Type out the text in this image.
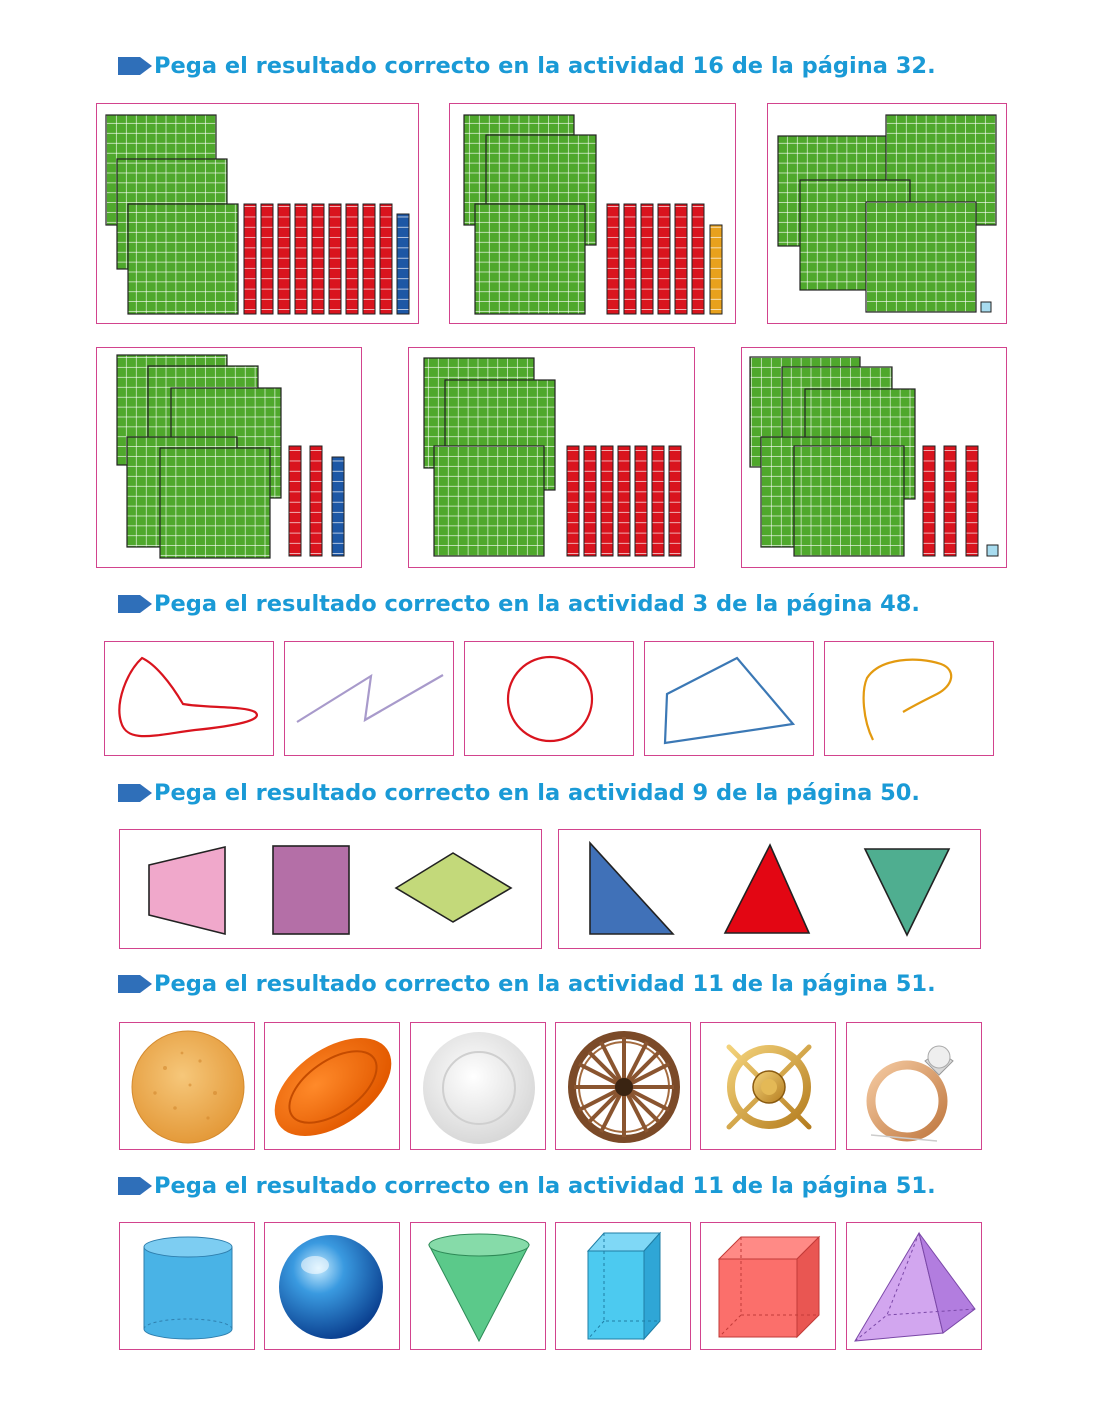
Pega el resultado correcto en la actividad 16 de la página 32.
Pega el resultado correcto en la actividad 3 de la página 48.
Pega el resultado correcto en la actividad 9 de la página 50.
Pega el resultado correcto en la actividad 11 de la página 51.
Pega el resultado correcto en la actividad 11 de la página 51.
